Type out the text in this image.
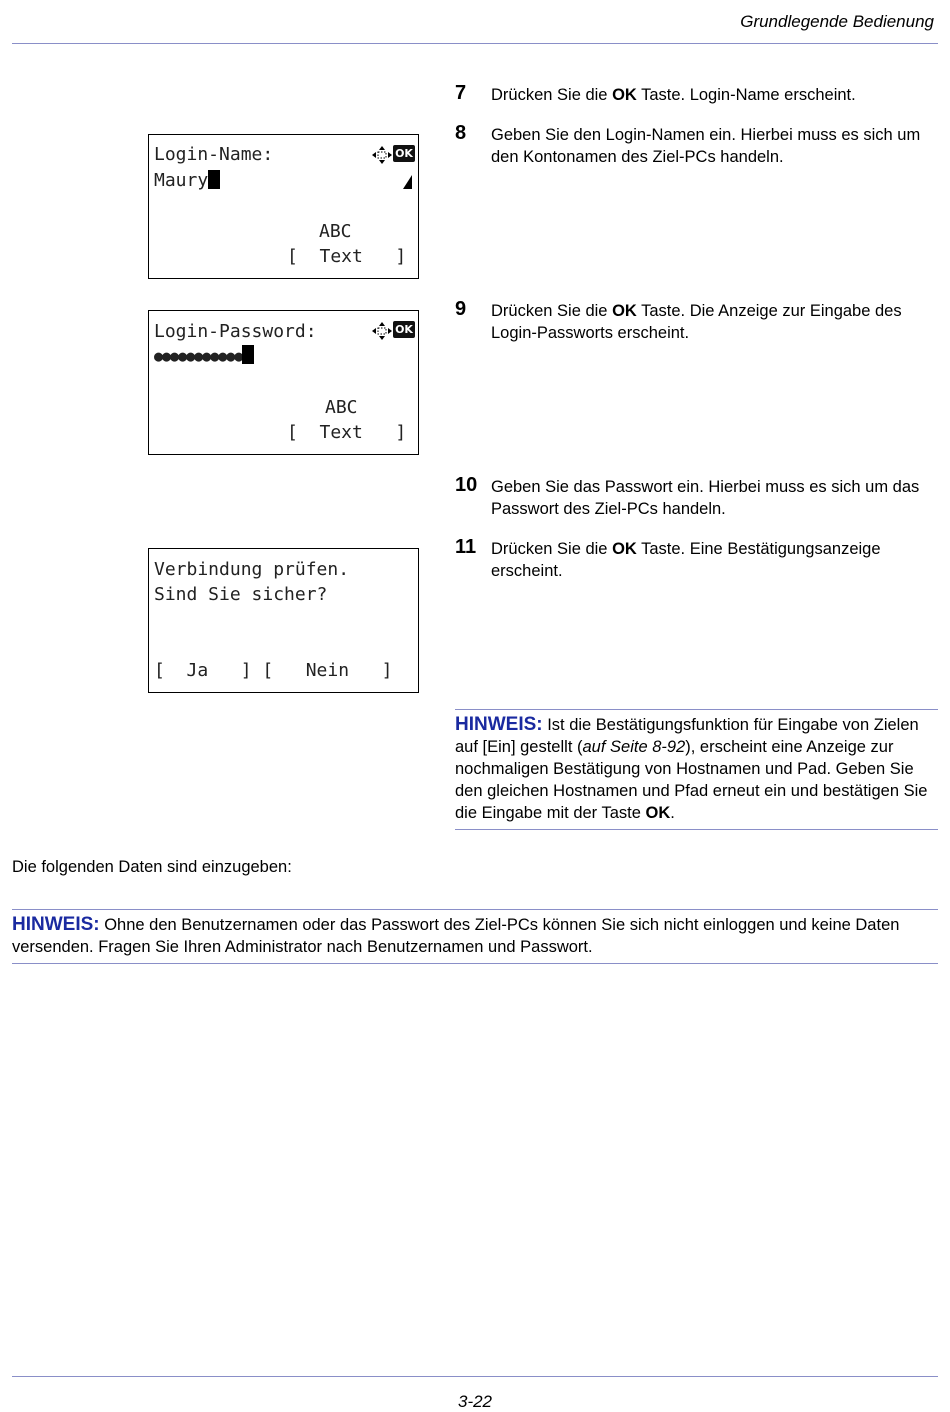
Grundlegende Bedienung
Login-Name:	OK
Maury
ABC
[  Text   ]
Login-Password:	OK
●●●●●●●●●●●
ABC
[  Text   ]
Verbindung prüfen.
Sind Sie sicher?
[  Ja   ] [   Nein   ]
7 Drücken Sie die OK Taste. Login-Name erscheint.
8 Geben Sie den Login-Namen ein. Hierbei muss es sich um den Kontonamen des Ziel-PCs handeln.
9 Drücken Sie die OK Taste. Die Anzeige zur Eingabe des Login-Passworts erscheint.
10 Geben Sie das Passwort ein. Hierbei muss es sich um das Passwort des Ziel-PCs handeln.
11 Drücken Sie die OK Taste. Eine Bestätigungsanzeige erscheint.
HINWEIS: Ist die Bestätigungsfunktion für Eingabe von Zielen auf [Ein] gestellt (auf Seite 8-92), erscheint eine Anzeige zur nochmaligen Bestätigung von Hostnamen und Pad. Geben Sie den gleichen Hostnamen und Pfad erneut ein und bestätigen Sie die Eingabe mit der Taste OK.
Die folgenden Daten sind einzugeben:
HINWEIS: Ohne den Benutzernamen oder das Passwort des Ziel-PCs können Sie sich nicht einloggen und keine Daten versenden. Fragen Sie Ihren Administrator nach Benutzernamen und Passwort.
3-22
